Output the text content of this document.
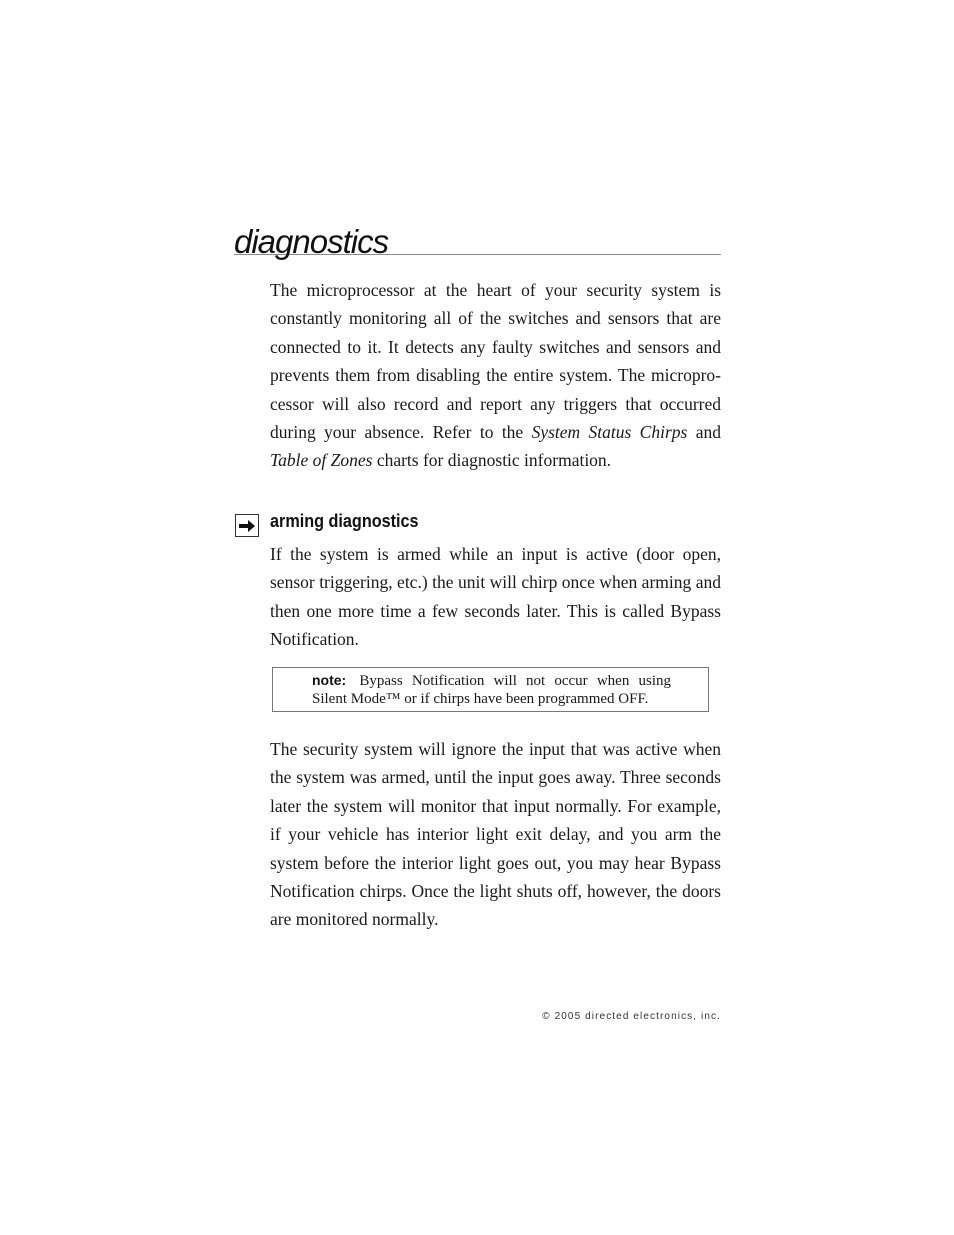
diagnostics

The microprocessor at the heart of your security system is constantly monitoring all of the switches and sensors that are connected to it. It detects any faulty switches and sensors and prevents them from disabling the entire system. The micropro-cessor will also record and report any triggers that occurred during your absence. Refer to the System Status Chirps and Table of Zones charts for diagnostic information.

arming diagnostics

If the system is armed while an input is active (door open, sensor triggering, etc.) the unit will chirp once when arming and then one more time a few seconds later. This is called Bypass Notification.

note: Bypass Notification will not occur when using Silent Mode™ or if chirps have been programmed OFF.

The security system will ignore the input that was active when the system was armed, until the input goes away. Three seconds later the system will monitor that input normally. For example, if your vehicle has interior light exit delay, and you arm the system before the interior light goes out, you may hear Bypass Notification chirps. Once the light shuts off, however, the doors are monitored normally.

© 2005 directed electronics, inc.
